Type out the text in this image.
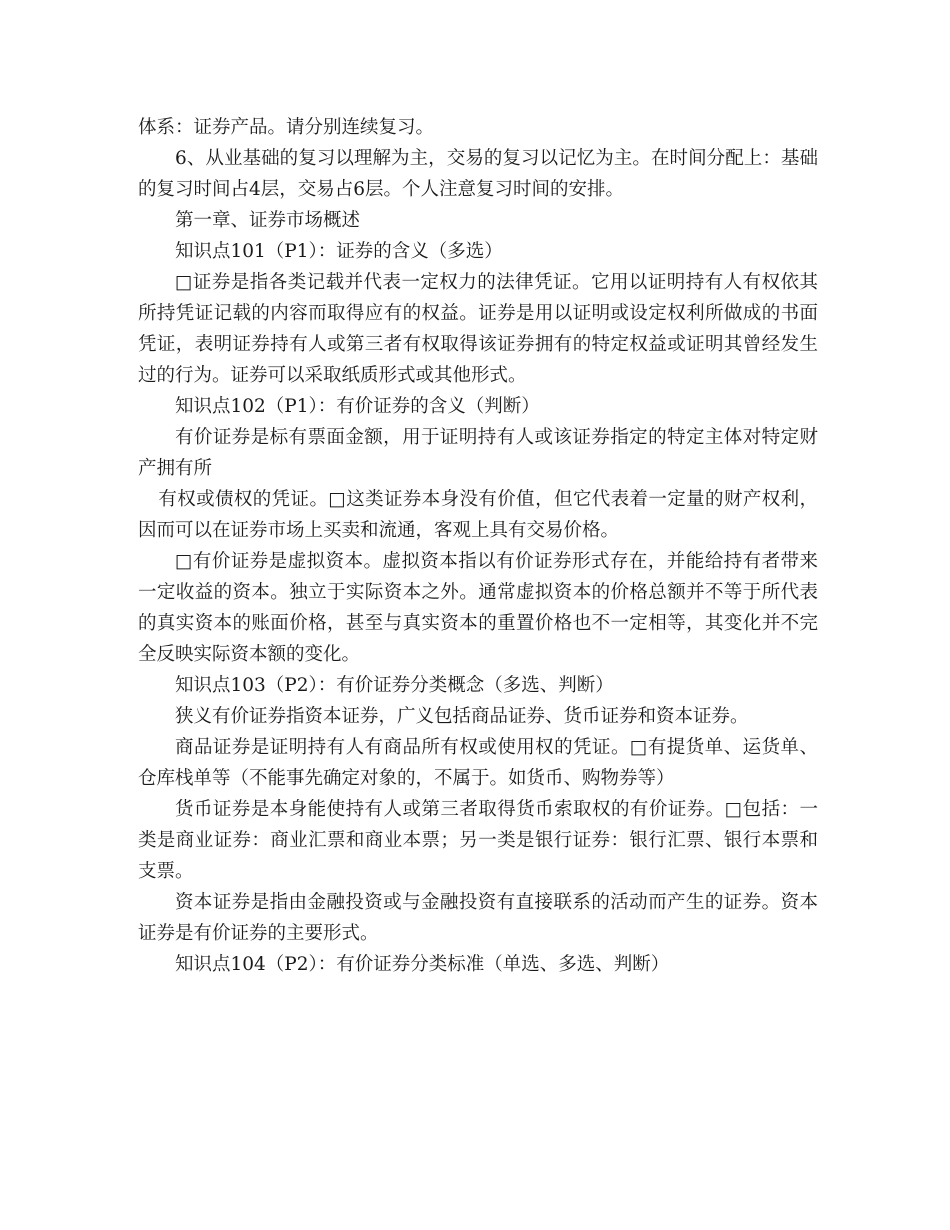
体系：证券产品。请分别连续复习。

6、从业基础的复习以理解为主，交易的复习以记忆为主。在时间分配上：基础的复习时间占4层，交易占6层。个人注意复习时间的安排。

第一章、证券市场概述

知识点101（P1）：证券的含义（多选）

□证券是指各类记载并代表一定权力的法律凭证。它用以证明持有人有权依其所持凭证记载的内容而取得应有的权益。证券是用以证明或设定权利所做成的书面凭证，表明证券持有人或第三者有权取得该证券拥有的特定权益或证明其曾经发生过的行为。证券可以采取纸质形式或其他形式。

知识点102（P1）：有价证券的含义（判断）

有价证券是标有票面金额，用于证明持有人或该证券指定的特定主体对特定财产拥有所

有权或债权的凭证。□这类证券本身没有价值，但它代表着一定量的财产权利，因而可以在证券市场上买卖和流通，客观上具有交易价格。

□有价证券是虚拟资本。虚拟资本指以有价证券形式存在，并能给持有者带来一定收益的资本。独立于实际资本之外。通常虚拟资本的价格总额并不等于所代表的真实资本的账面价格，甚至与真实资本的重置价格也不一定相等，其变化并不完全反映实际资本额的变化。

知识点103（P2）：有价证券分类概念（多选、判断）

狭义有价证券指资本证券，广义包括商品证券、货币证券和资本证券。

商品证券是证明持有人有商品所有权或使用权的凭证。□有提货单、运货单、仓库栈单等（不能事先确定对象的，不属于。如货币、购物券等）

货币证券是本身能使持有人或第三者取得货币索取权的有价证券。□包括：一类是商业证券：商业汇票和商业本票；另一类是银行证券：银行汇票、银行本票和支票。

资本证券是指由金融投资或与金融投资有直接联系的活动而产生的证券。资本证券是有价证券的主要形式。

知识点104（P2）：有价证券分类标准（单选、多选、判断）
